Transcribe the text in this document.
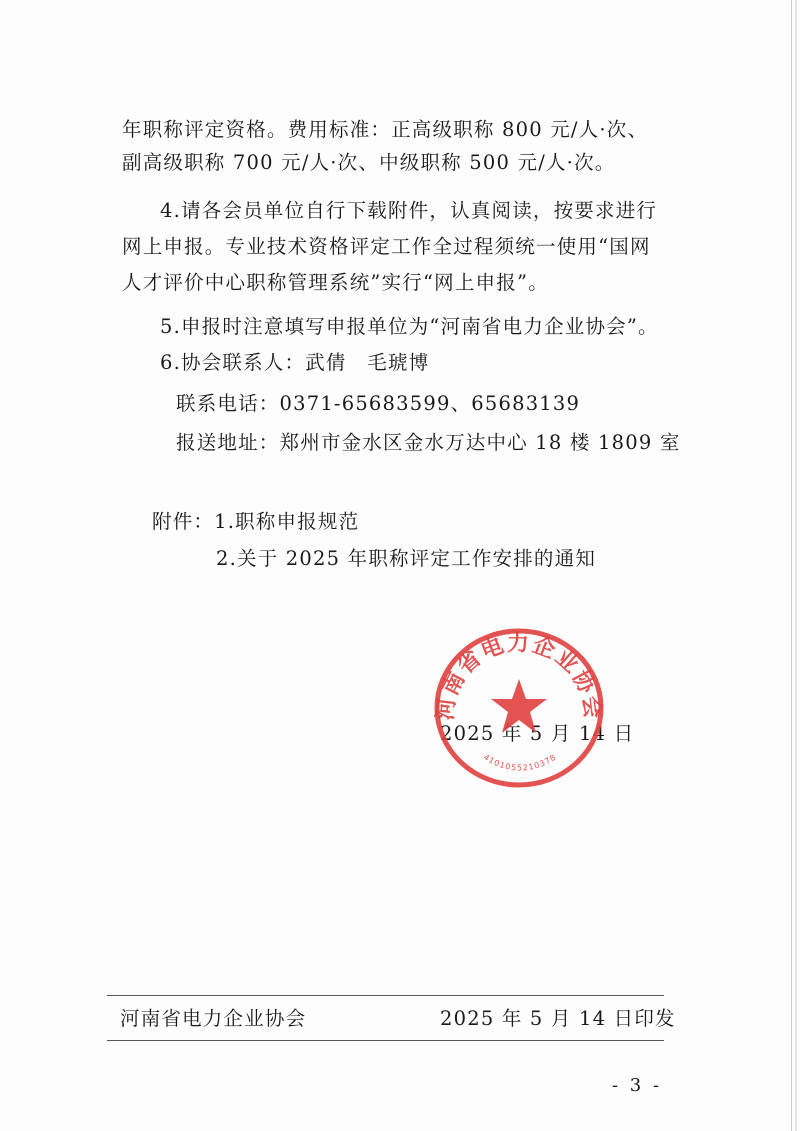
年职称评定资格。费用标准：正高级职称 800 元/人·次、
副高级职称 700 元/人·次、中级职称 500 元/人·次。
4.请各会员单位自行下载附件，认真阅读，按要求进行
网上申报。专业技术资格评定工作全过程须统一使用“国网
人才评价中心职称管理系统”实行“网上申报”。
5.申报时注意填写申报单位为“河南省电力企业协会”。
6.协会联系人：武倩　毛琥博
联系电话：0371-65683599、65683139
报送地址：郑州市金水区金水万达中心 18 楼 1809 室
附件：1.职称申报规范
2.关于 2025 年职称评定工作安排的通知
2025 年 5 月 14 日
河南省电力企业协会
4101055210378
河南省电力企业协会	2025 年 5 月 14 日印发
- 3 -
